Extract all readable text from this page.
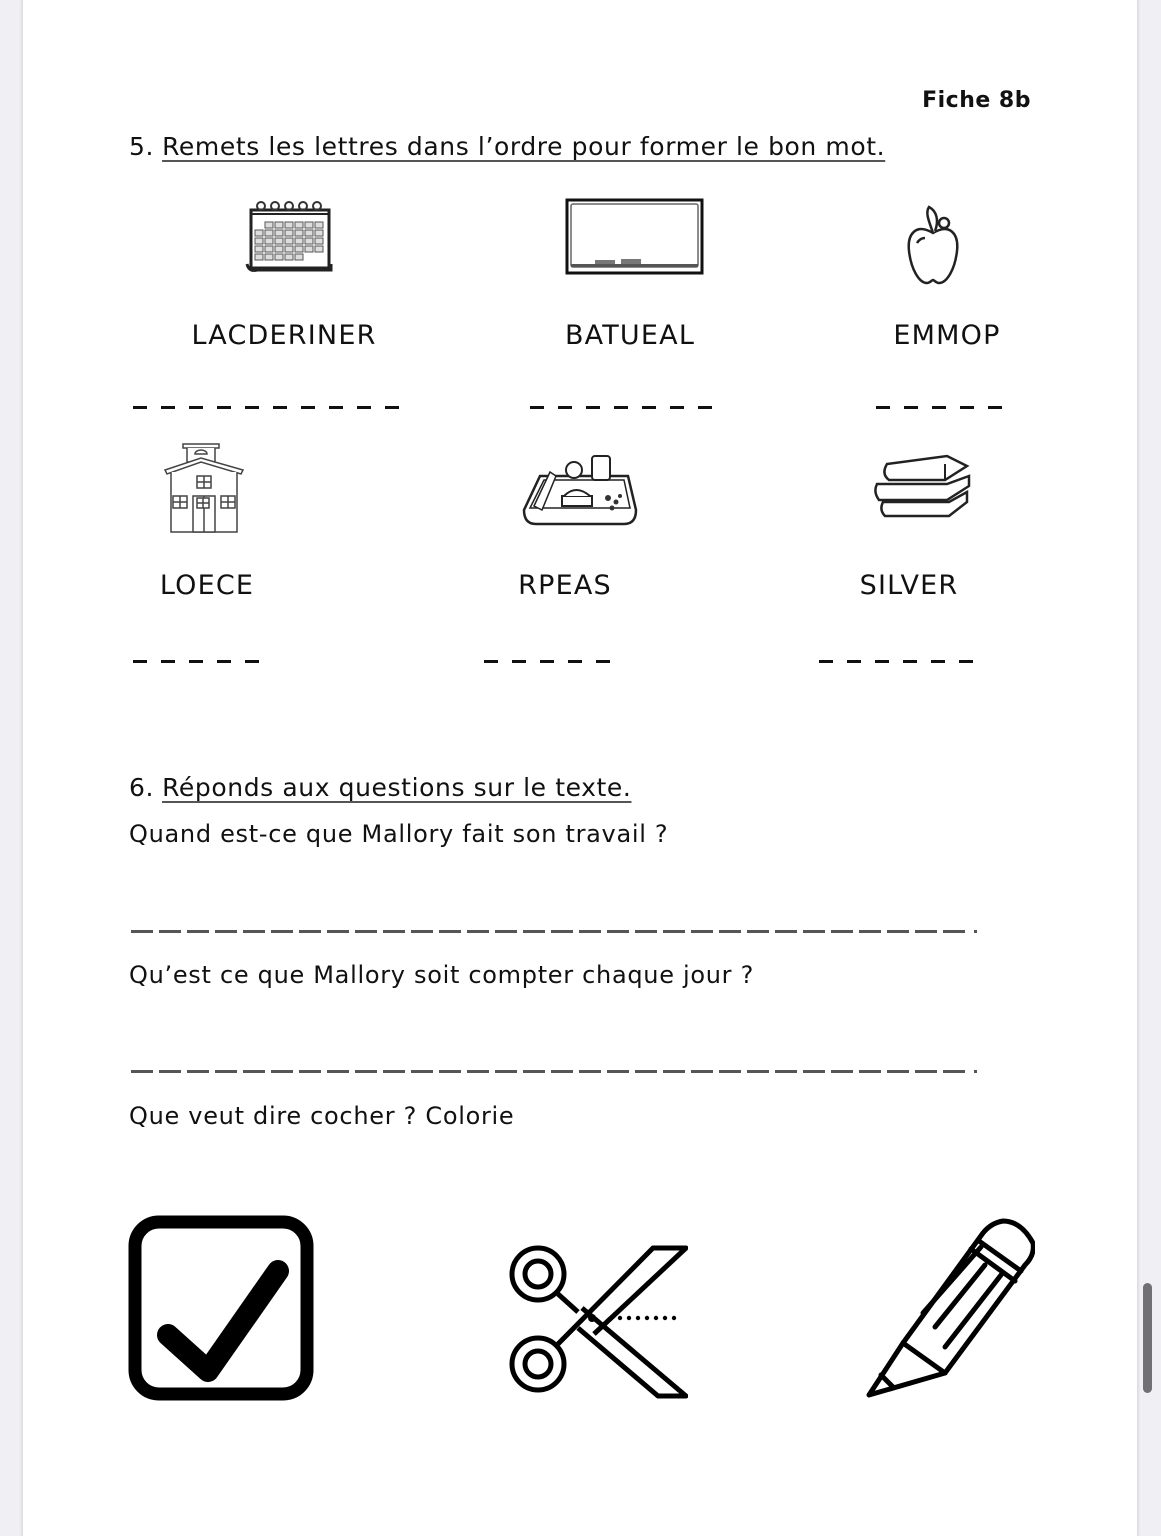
Fiche 8b
5. Remets les lettres dans l’ordre pour former le bon mot.
LACDERINER	BATUEAL	EMMOP
LOECE	RPEAS	SILVER
6. Réponds aux questions sur le texte.
Quand est-ce que Mallory fait son travail ?
Qu’est ce que Mallory soit compter chaque jour ?
Que veut dire cocher ? Colorie
